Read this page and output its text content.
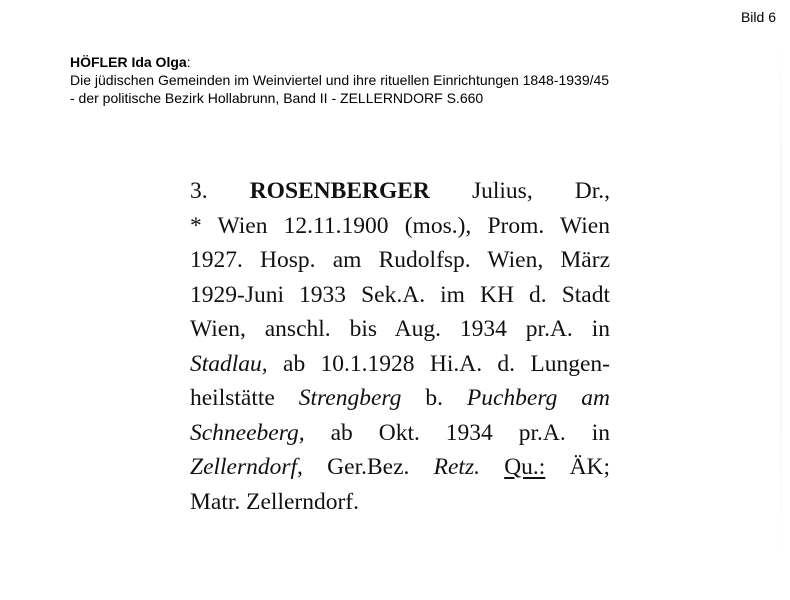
Bild 6
HÖFLER Ida Olga:
Die jüdischen Gemeinden im Weinviertel und ihre rituellen Einrichtungen 1848-1939/45
- der politische Bezirk Hollabrunn, Band II - ZELLERNDORF S.660
3. ROSENBERGER Julius, Dr.,
* Wien 12.11.1900 (mos.), Prom. Wien
1927. Hosp. am Rudolfsp. Wien, März
1929-Juni 1933 Sek.A. im KH d. Stadt
Wien, anschl. bis Aug. 1934 pr.A. in
Stadlau, ab 10.1.1928 Hi.A. d. Lungen-
heilstätte Strengberg b. Puchberg am
Schneeberg, ab Okt. 1934 pr.A. in
Zellerndorf, Ger.Bez. Retz. Qu.: ÄK;
Matr. Zellerndorf.
